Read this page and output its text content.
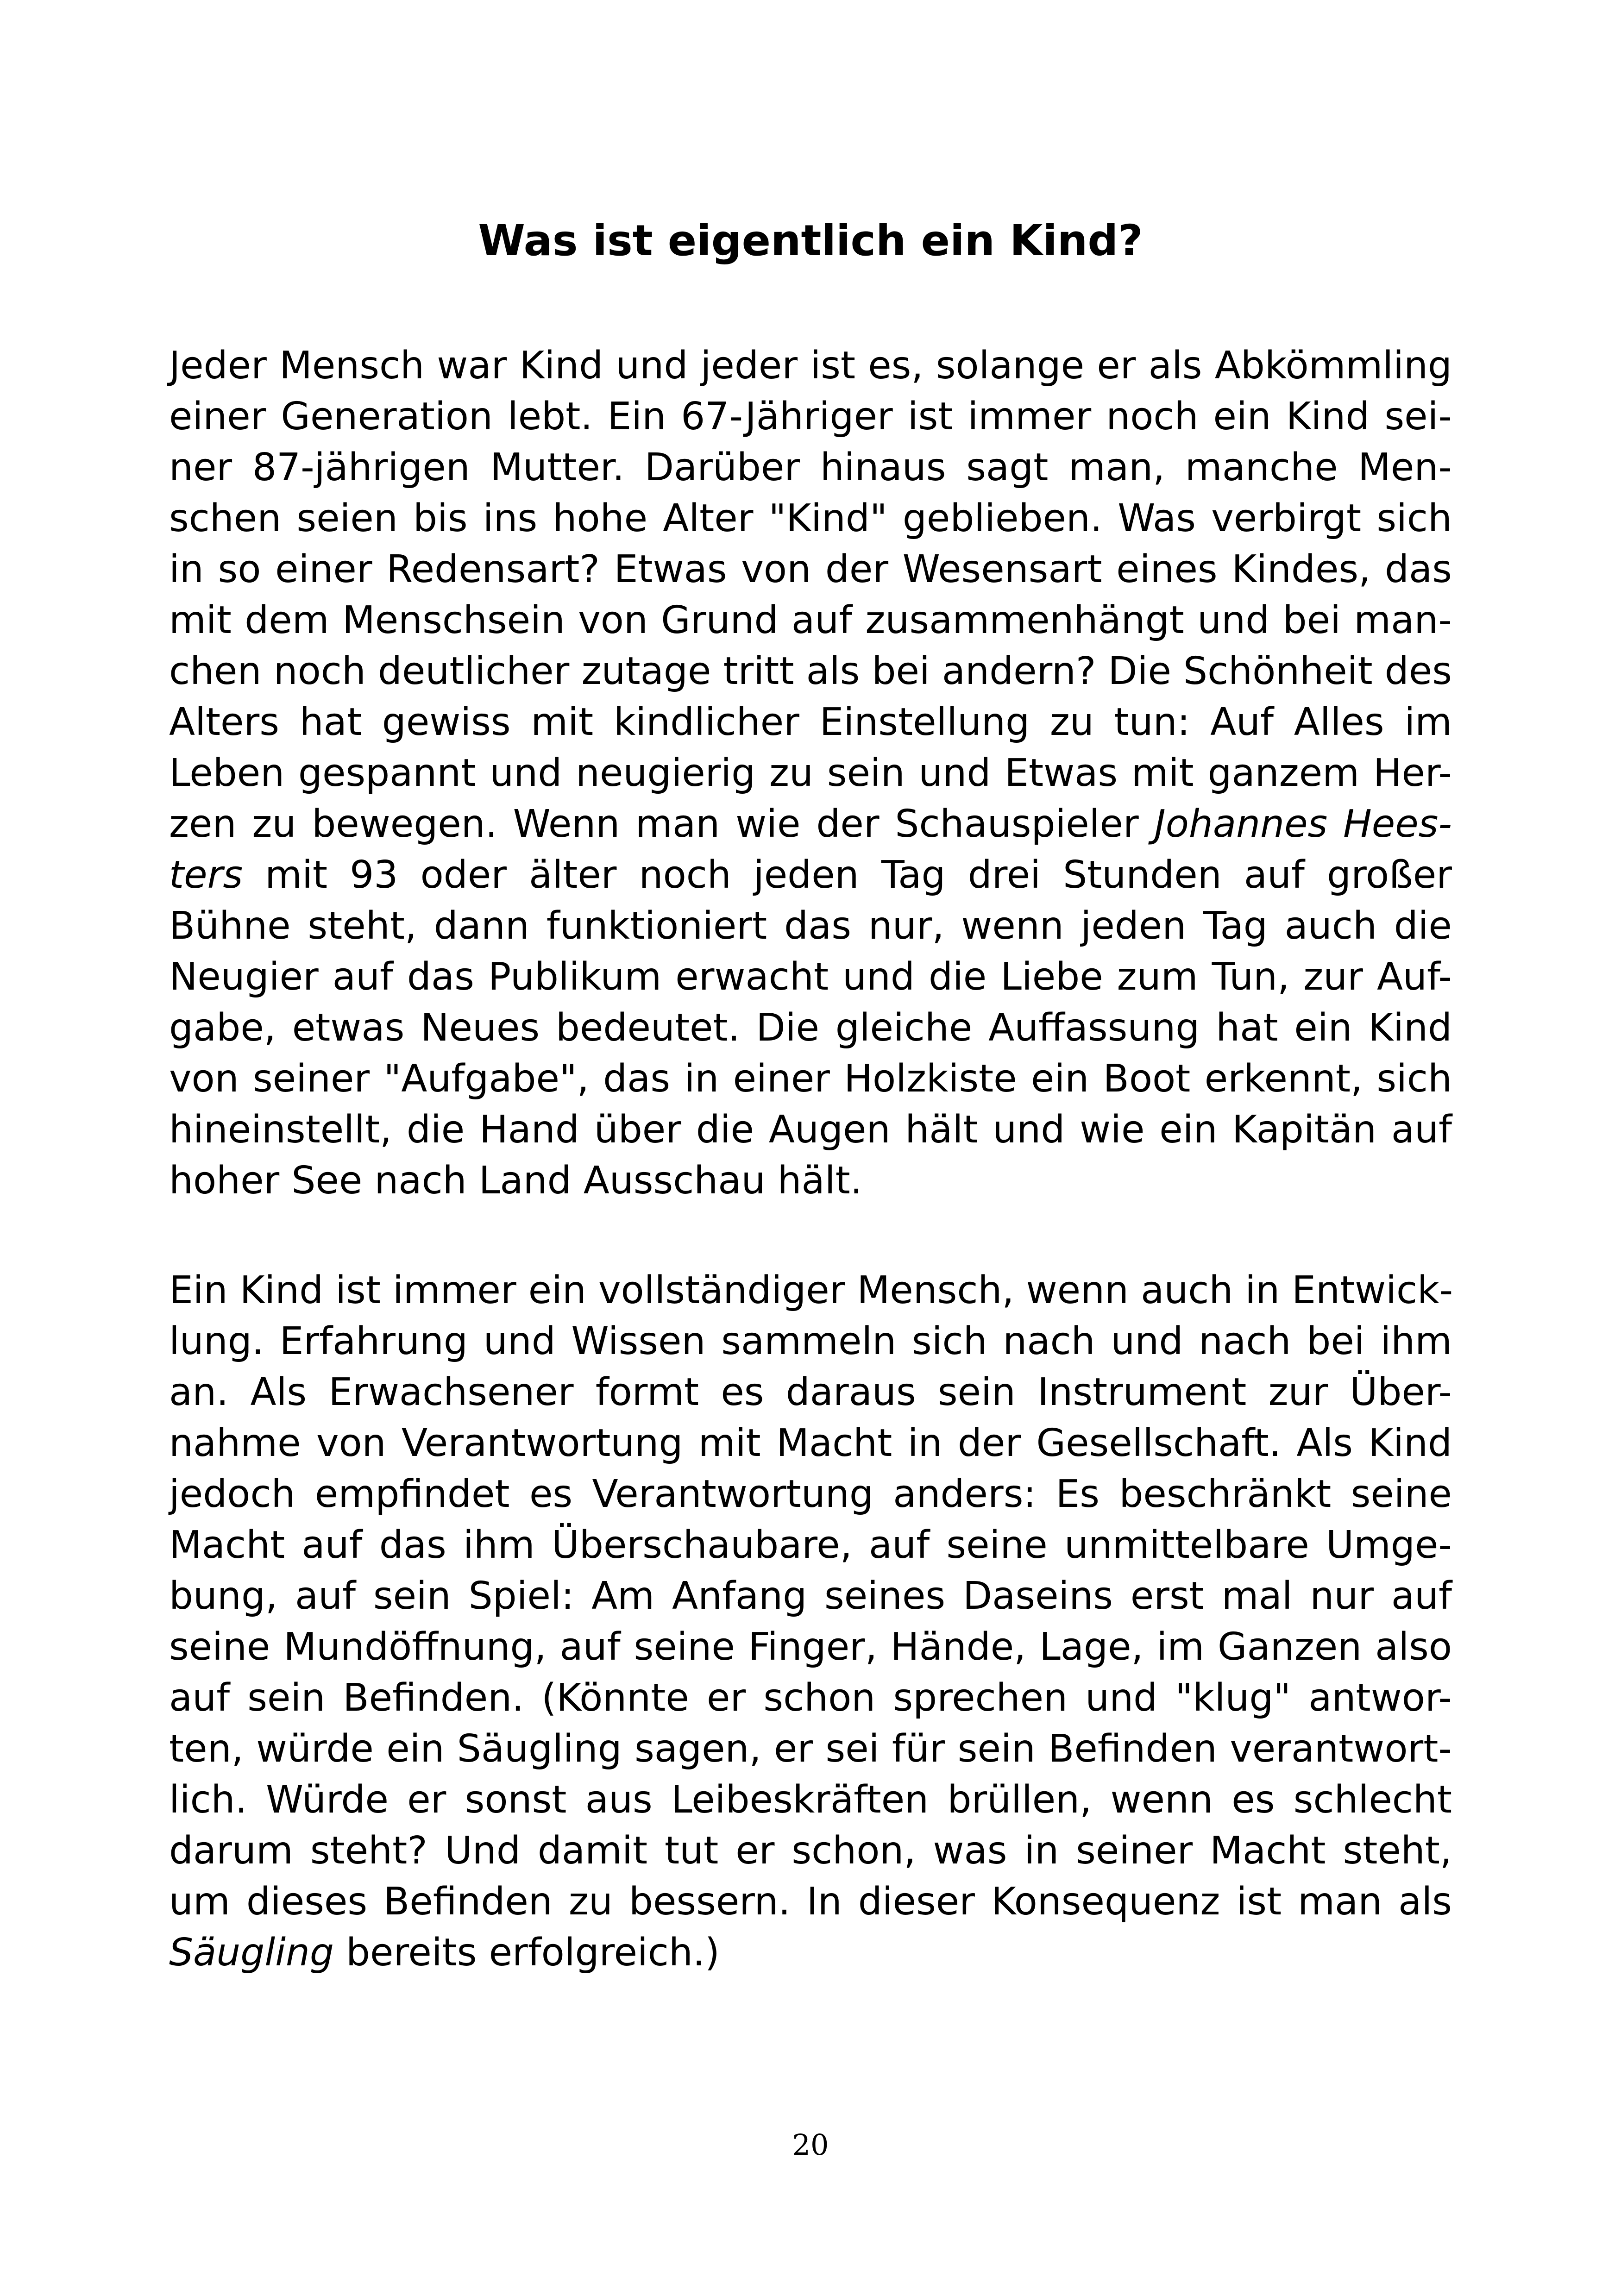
Was ist eigentlich ein Kind?
Jeder Mensch war Kind und jeder ist es, solange er als Abkömmling
einer Generation lebt. Ein 67-Jähriger ist immer noch ein Kind sei-
ner 87-jährigen Mutter. Darüber hinaus sagt man, manche Men-
schen seien bis ins hohe Alter "Kind" geblieben. Was verbirgt sich
in so einer Redensart? Etwas von der Wesensart eines Kindes, das
mit dem Menschsein von Grund auf zusammenhängt und bei man-
chen noch deutlicher zutage tritt als bei andern? Die Schönheit des
Alters hat gewiss mit kindlicher Einstellung zu tun: Auf Alles im
Leben gespannt und neugierig zu sein und Etwas mit ganzem Her-
zen zu bewegen. Wenn man wie der Schauspieler Johannes Hees-
ters mit 93 oder älter noch jeden Tag drei Stunden auf großer
Bühne steht, dann funktioniert das nur, wenn jeden Tag auch die
Neugier auf das Publikum erwacht und die Liebe zum Tun, zur Auf-
gabe, etwas Neues bedeutet. Die gleiche Auffassung hat ein Kind
von seiner "Aufgabe", das in einer Holzkiste ein Boot erkennt, sich
hineinstellt, die Hand über die Augen hält und wie ein Kapitän auf
hoher See nach Land Ausschau hält.
Ein Kind ist immer ein vollständiger Mensch, wenn auch in Entwick-
lung. Erfahrung und Wissen sammeln sich nach und nach bei ihm
an. Als Erwachsener formt es daraus sein Instrument zur Über-
nahme von Verantwortung mit Macht in der Gesellschaft. Als Kind
jedoch empfindet es Verantwortung anders: Es beschränkt seine
Macht auf das ihm Überschaubare, auf seine unmittelbare Umge-
bung, auf sein Spiel: Am Anfang seines Daseins erst mal nur auf
seine Mundöffnung, auf seine Finger, Hände, Lage, im Ganzen also
auf sein Befinden. (Könnte er schon sprechen und "klug" antwor-
ten, würde ein Säugling sagen, er sei für sein Befinden verantwort-
lich. Würde er sonst aus Leibeskräften brüllen, wenn es schlecht
darum steht? Und damit tut er schon, was in seiner Macht steht,
um dieses Befinden zu bessern. In dieser Konsequenz ist man als
Säugling bereits erfolgreich.)
20
